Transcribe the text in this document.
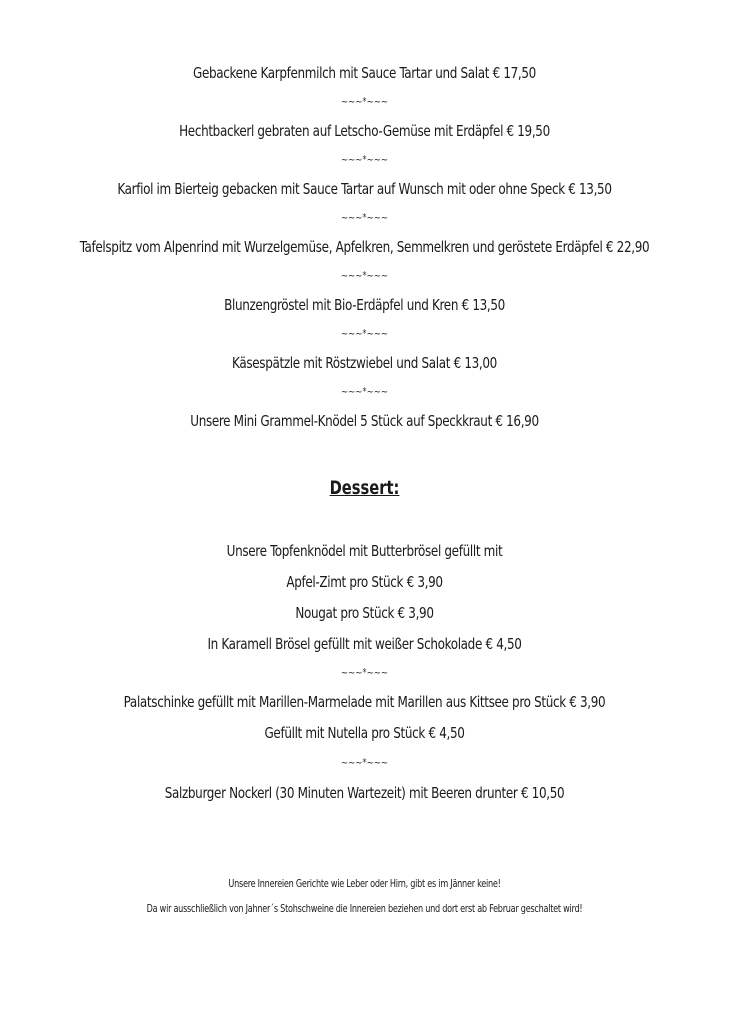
Gebackene Karpfenmilch mit Sauce Tartar und Salat € 17,50
~~~*~~~
Hechtbackerl gebraten auf Letscho-Gemüse mit Erdäpfel € 19,50
~~~*~~~
Karfiol im Bierteig gebacken mit Sauce Tartar auf Wunsch mit oder ohne Speck € 13,50
~~~*~~~
Tafelspitz vom Alpenrind mit Wurzelgemüse, Apfelkren, Semmelkren und geröstete Erdäpfel € 22,90
~~~*~~~
Blunzengröstel mit Bio-Erdäpfel und Kren € 13,50
~~~*~~~
Käsespätzle mit Röstzwiebel und Salat € 13,00
~~~*~~~
Unsere Mini Grammel-Knödel 5 Stück auf Speckkraut € 16,90
Dessert:
Unsere Topfenknödel mit Butterbrösel gefüllt mit
Apfel-Zimt pro Stück € 3,90
Nougat pro Stück € 3,90
In Karamell Brösel gefüllt mit weißer Schokolade € 4,50
~~~*~~~
Palatschinke gefüllt mit Marillen-Marmelade mit Marillen aus Kittsee pro Stück € 3,90
Gefüllt mit Nutella pro Stück € 4,50
~~~*~~~
Salzburger Nockerl (30 Minuten Wartezeit) mit Beeren drunter € 10,50
Unsere Innereien Gerichte wie Leber oder Hirn, gibt es im Jänner keine!
Da wir ausschließlich von Jahner´s Stohschweine die Innereien beziehen und dort erst ab Februar geschaltet wird!
